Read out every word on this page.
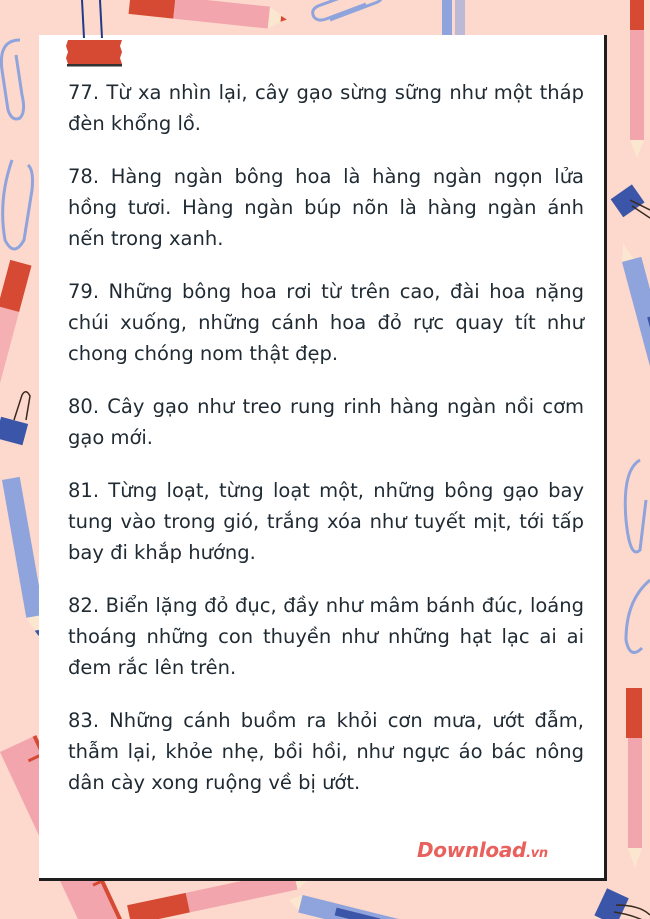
77. Từ xa nhìn lại, cây gạo sừng sững như một tháp đèn khổng lồ.

78. Hàng ngàn bông hoa là hàng ngàn ngọn lửa hồng tươi. Hàng ngàn búp nõn là hàng ngàn ánh nến trong xanh.

79. Những bông hoa rơi từ trên cao, đài hoa nặng chúi xuống, những cánh hoa đỏ rực quay tít như chong chóng nom thật đẹp.

80. Cây gạo như treo rung rinh hàng ngàn nồi cơm gạo mới.

81. Từng loạt, từng loạt một, những bông gạo bay tung vào trong gió, trắng xóa như tuyết mịt, tới tấp bay đi khắp hướng.

82. Biển lặng đỏ đục, đầy như mâm bánh đúc, loáng thoáng những con thuyền như những hạt lạc ai ai đem rắc lên trên.

83. Những cánh buồm ra khỏi cơn mưa, ướt đẫm, thẫm lại, khỏe nhẹ, bồi hồi, như ngực áo bác nông dân cày xong ruộng về bị ướt.

Download.vn
